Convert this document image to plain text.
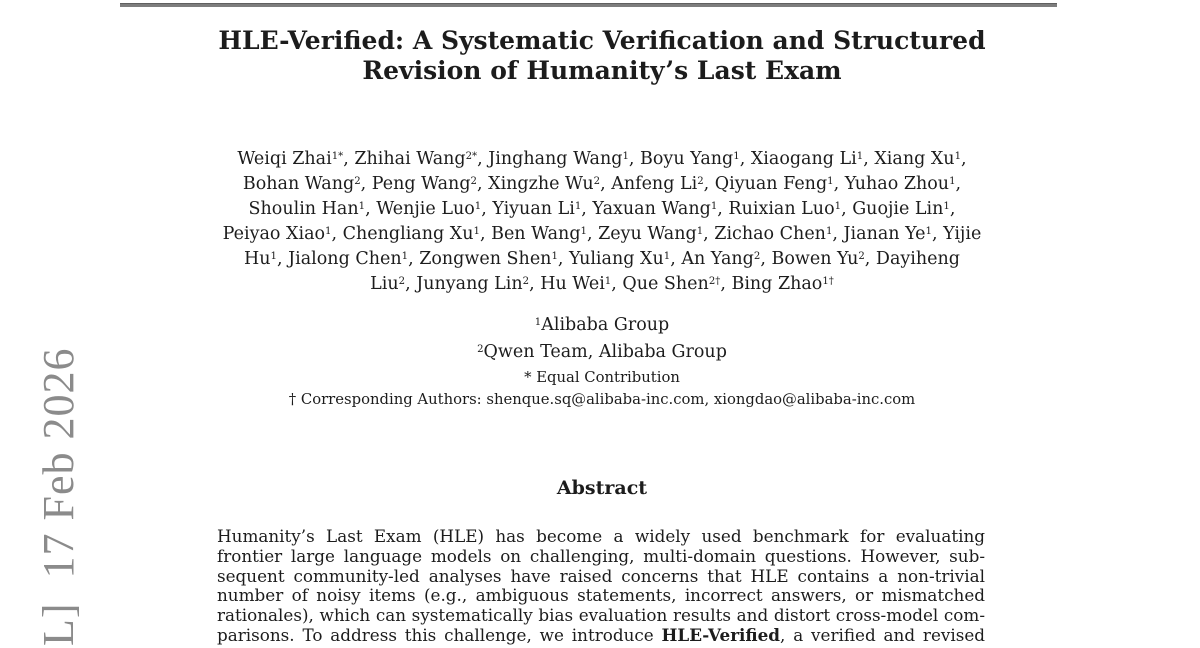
L]  17 Feb 2026
HLE-Verified: A Systematic Verification and Structured
Revision of Humanity’s Last Exam
Weiqi Zhai$^{1*}$, Zhihai Wang$^{2*}$, Jinghang Wang$^1$, Boyu Yang$^1$, Xiaogang Li$^1$, Xiang Xu$^1$,
Bohan Wang$^2$, Peng Wang$^2$, Xingzhe Wu$^2$, Anfeng Li$^2$, Qiyuan Feng$^1$, Yuhao Zhou$^1$,
Shoulin Han$^1$, Wenjie Luo$^1$, Yiyuan Li$^1$, Yaxuan Wang$^1$, Ruixian Luo$^1$, Guojie Lin$^1$,
Peiyao Xiao$^1$, Chengliang Xu$^1$, Ben Wang$^1$, Zeyu Wang$^1$, Zichao Chen$^1$, Jianan Ye$^1$, Yijie
Hu$^1$, Jialong Chen$^1$, Zongwen Shen$^1$, Yuliang Xu$^1$, An Yang$^2$, Bowen Yu$^2$, Dayiheng
Liu$^2$, Junyang Lin$^2$, Hu Wei$^1$, Que Shen$^{2\dagger}$, Bing Zhao$^{1\dagger}$
$^1$Alibaba Group
$^2$Qwen Team, Alibaba Group
* Equal Contribution
† Corresponding Authors: shenque.sq@alibaba-inc.com, xiongdao@alibaba-inc.com
Abstract
Humanity’s Last Exam (HLE) has become a widely used benchmark for evaluating
frontier large language models on challenging, multi-domain questions. However, sub-
sequent community-led analyses have raised concerns that HLE contains a non-trivial
number of noisy items (e.g., ambiguous statements, incorrect answers, or mismatched
rationales), which can systematically bias evaluation results and distort cross-model com-
parisons. To address this challenge, we introduce HLE-Verified, a verified and revised
